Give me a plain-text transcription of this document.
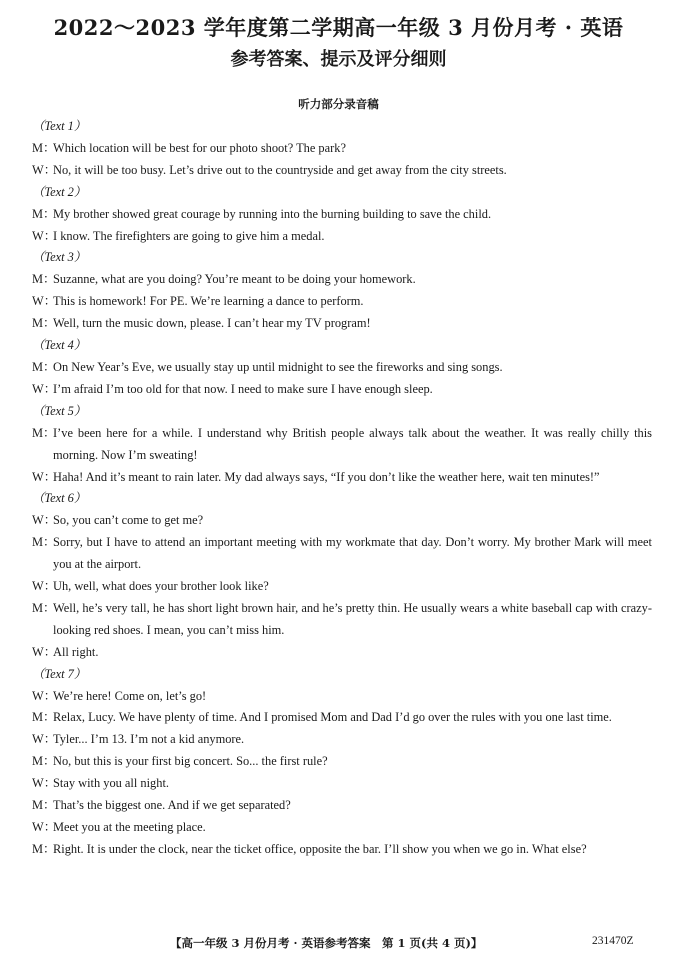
2022～2023 学年度第二学期高一年级 3 月份月考 · 英语
参考答案、提示及评分细则
听力部分录音稿
（Text 1）
M：
Which location will be best for our photo shoot? The park?
W：
No, it will be too busy. Let’s drive out to the countryside and get away from the city streets.
（Text 2）
M：
My brother showed great courage by running into the burning building to save the child.
W：
I know. The firefighters are going to give him a medal.
（Text 3）
M：
Suzanne, what are you doing? You’re meant to be doing your homework.
W：
This is homework! For PE. We’re learning a dance to perform.
M：
Well, turn the music down, please. I can’t hear my TV program!
（Text 4）
M：
On New Year’s Eve, we usually stay up until midnight to see the fireworks and sing songs.
W：
I’m afraid I’m too old for that now. I need to make sure I have enough sleep.
（Text 5）
M：
I’ve been here for a while. I understand why British people always talk about the weather. It was really chilly this morning. Now I’m sweating!
W：
Haha! And it’s meant to rain later. My dad always says, “If you don’t like the weather here, wait ten minutes!”
（Text 6）
W：
So, you can’t come to get me?
M：
Sorry, but I have to attend an important meeting with my workmate that day. Don’t worry. My brother Mark will meet you at the airport.
W：
Uh, well, what does your brother look like?
M：
Well, he’s very tall, he has short light brown hair, and he’s pretty thin. He usually wears a white baseball cap with crazy-looking red shoes. I mean, you can’t miss him.
W：
All right.
（Text 7）
W：
We’re here! Come on, let’s go!
M：
Relax, Lucy. We have plenty of time. And I promised Mom and Dad I’d go over the rules with you one last time.
W：
Tyler... I’m 13. I’m not a kid anymore.
M：
No, but this is your first big concert. So... the first rule?
W：
Stay with you all night.
M：
That’s the biggest one. And if we get separated?
W：
Meet you at the meeting place.
M：
Right. It is under the clock, near the ticket office, opposite the bar. I’ll show you when we go in. What else?
【高一年级 3 月份月考 · 英语参考答案　第 1 页(共 4 页)】	231470Z
